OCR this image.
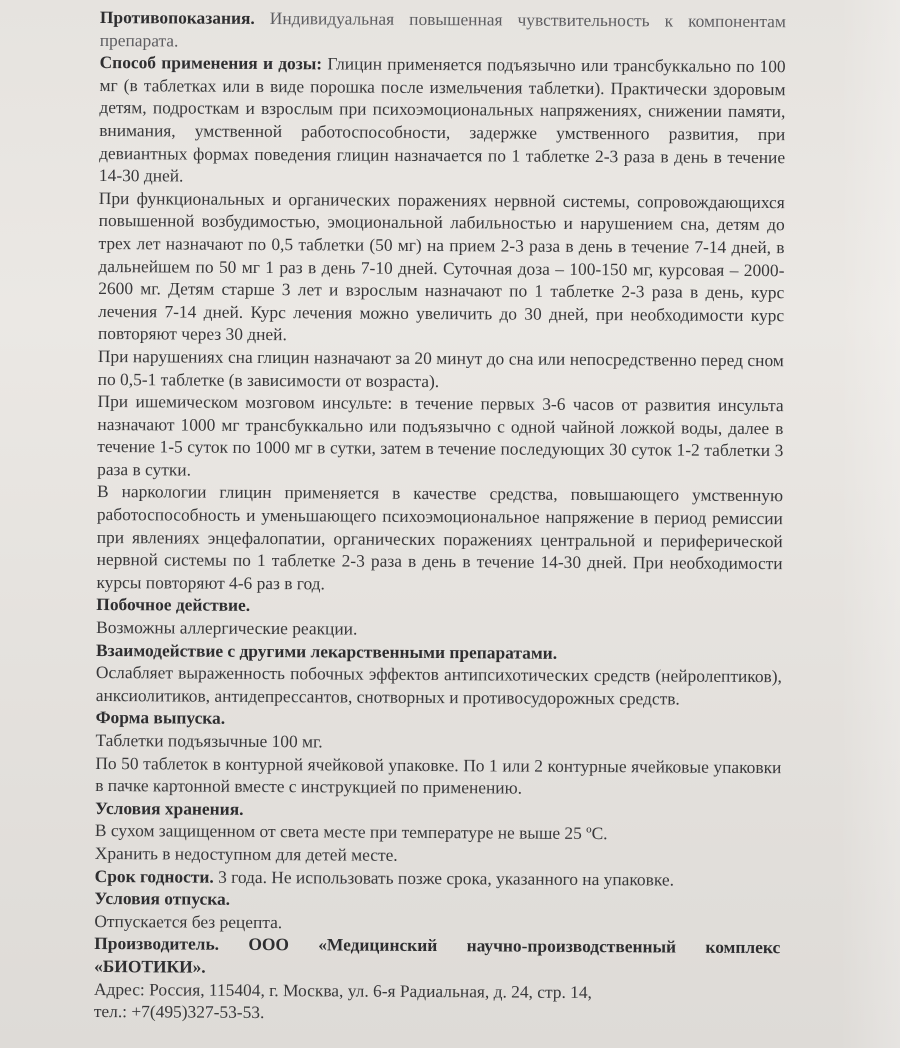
Противопоказания. Индивидуальная повышенная чувствительность к компонентам препарата.

Способ применения и дозы: Глицин применяется подъязычно или трансбуккально по 100 мг (в таблетках или в виде порошка после измельчения таблетки). Практически здоровым детям, подросткам и взрослым при психоэмоциональных напряжениях, снижении памяти, внимания, умственной работоспособности, задержке умственного развития, при девиантных формах поведения глицин назначается по 1 таблетке 2-3 раза в день в течение 14-30 дней.

При функциональных и органических поражениях нервной системы, сопровождающихся повышенной возбудимостью, эмоциональной лабильностью и нарушением сна, детям до трех лет назначают по 0,5 таблетки (50 мг) на прием 2-3 раза в день в течение 7-14 дней, в дальнейшем по 50 мг 1 раз в день 7-10 дней. Суточная доза – 100-150 мг, курсовая – 2000-2600 мг. Детям старше 3 лет и взрослым назначают по 1 таблетке 2-3 раза в день, курс лечения 7-14 дней. Курс лечения можно увеличить до 30 дней, при необходимости курс повторяют через 30 дней.

При нарушениях сна глицин назначают за 20 минут до сна или непосредственно перед сном по 0,5-1 таблетке (в зависимости от возраста).

При ишемическом мозговом инсульте: в течение первых 3-6 часов от развития инсульта назначают 1000 мг трансбуккально или подъязычно с одной чайной ложкой воды, далее в течение 1-5 суток по 1000 мг в сутки, затем в течение последующих 30 суток 1-2 таблетки 3 раза в сутки.

В наркологии глицин применяется в качестве средства, повышающего умственную работоспособность и уменьшающего психоэмоциональное напряжение в период ремиссии при явлениях энцефалопатии, органических поражениях центральной и периферической нервной системы по 1 таблетке 2-3 раза в день в течение 14-30 дней. При необходимости курсы повторяют 4-6 раз в год.

Побочное действие.

Возможны аллергические реакции.

Взаимодействие с другими лекарственными препаратами.

Ослабляет выраженность побочных эффектов антипсихотических средств (нейролептиков), анксиолитиков, антидепрессантов, снотворных и противосудорожных средств.

Форма выпуска.

Таблетки подъязычные 100 мг.

По 50 таблеток в контурной ячейковой упаковке. По 1 или 2 контурные ячейковые упаковки в пачке картонной вместе с инструкцией по применению.

Условия хранения.

В сухом защищенном от света месте при температуре не выше 25 ºС.

Хранить в недоступном для детей месте.

Срок годности. 3 года. Не использовать позже срока, указанного на упаковке.

Условия отпуска.

Отпускается без рецепта.

Производитель. ООО «Медицинский научно-производственный комплекс «БИОТИКИ».

Адрес: Россия, 115404, г. Москва, ул. 6-я Радиальная, д. 24, стр. 14,

тел.: +7(495)327-53-53.
